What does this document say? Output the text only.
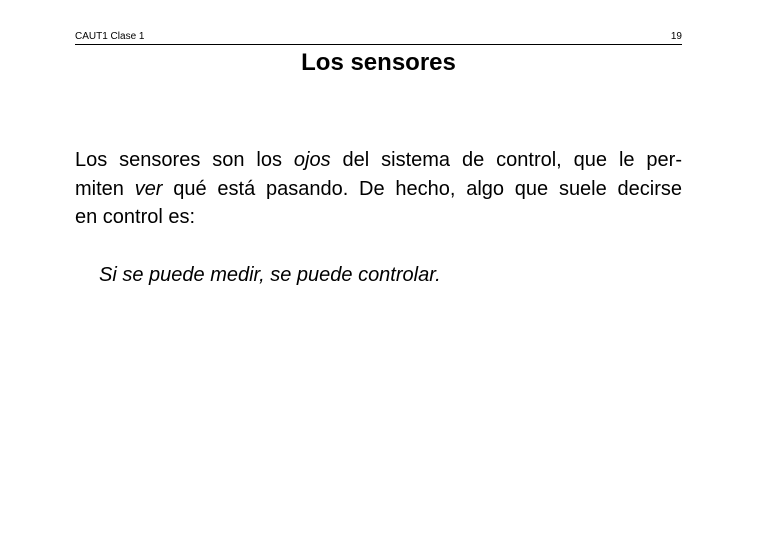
CAUT1 Clase 1	19
Los sensores
Los sensores son los ojos del sistema de control, que le per-
miten ver qué está pasando. De hecho, algo que suele decirse
en control es:
Si se puede medir, se puede controlar.
